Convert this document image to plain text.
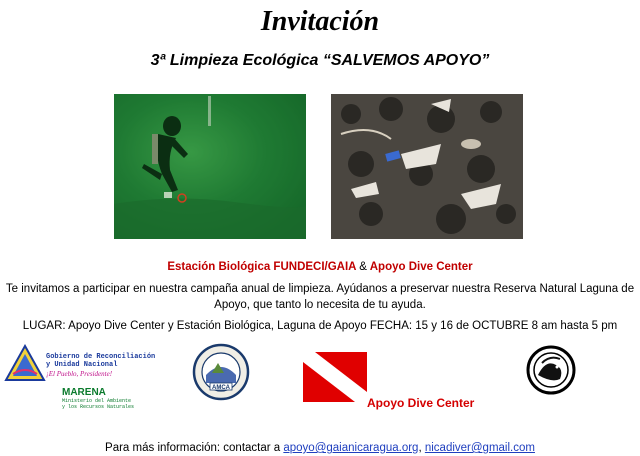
Invitación
3ª Limpieza Ecológica “SALVEMOS APOYO”
Estación Biológica FUNDECI/GAIA & Apoyo Dive Center
Te invitamos a participar en nuestra campaña anual de limpieza. Ayúdanos a preservar nuestra Reserva Natural Laguna de
Apoyo, que tanto lo necesita de tu ayuda.
LUGAR: Apoyo Dive Center y Estación Biológica, Laguna de Apoyo FECHA: 15 y 16 de OCTUBRE 8 am hasta 5 pm
Gobierno de Reconciliación
y Unidad Nacional
¡El Pueblo, Presidente!
MARENA
Ministerio del Ambiente
y los Recursos Naturales
AMCA
Apoyo Dive Center
Para más información: contactar a apoyo@gaianicaragua.org, nicadiver@gmail.com
